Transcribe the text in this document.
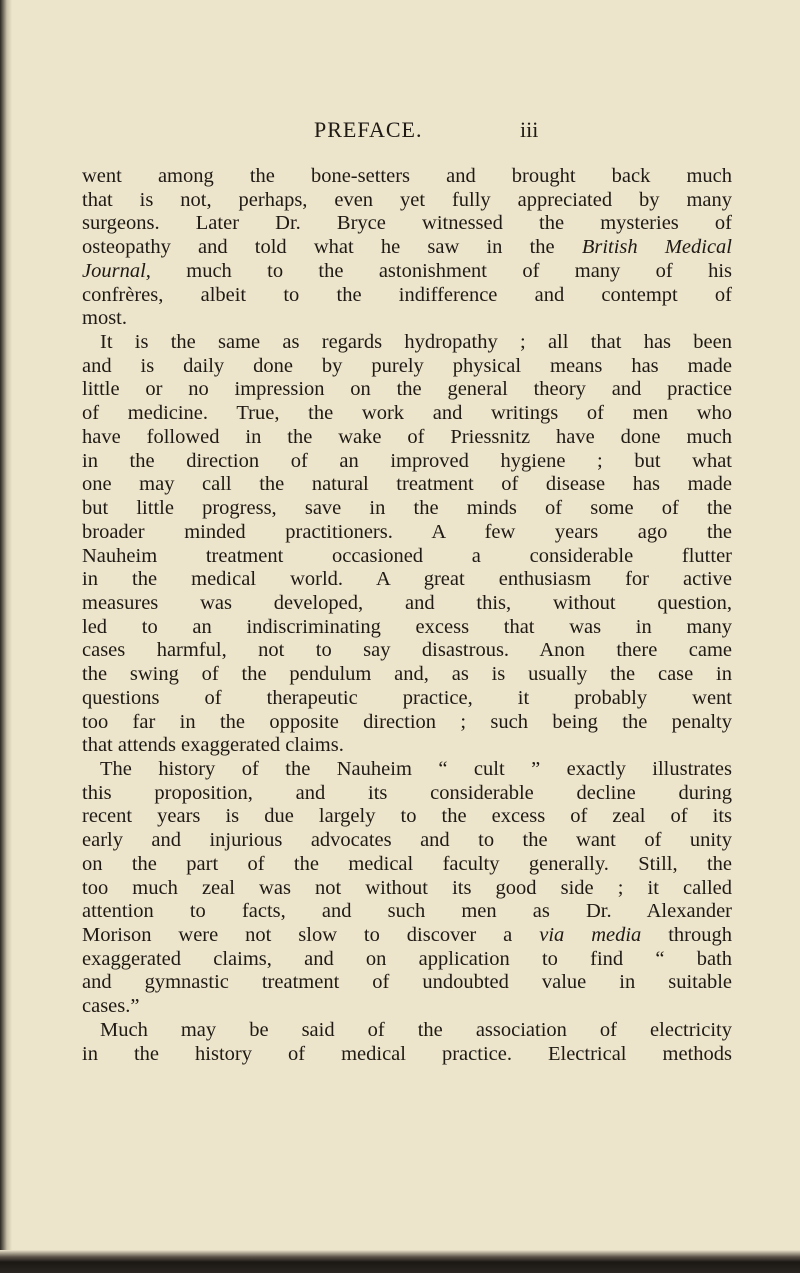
PREFACE.	iii
went among the bone-setters and brought back much
that is not, perhaps, even yet fully appreciated by many
surgeons. Later Dr. Bryce witnessed the mysteries of
osteopathy and told what he saw in the British Medical
Journal, much to the astonishment of many of his
confrères, albeit to the indifference and contempt of
most.
It is the same as regards hydropathy ; all that has been
and is daily done by purely physical means has made
little or no impression on the general theory and practice
of medicine. True, the work and writings of men who
have followed in the wake of Priessnitz have done much
in the direction of an improved hygiene ; but what
one may call the natural treatment of disease has made
but little progress, save in the minds of some of the
broader minded practitioners. A few years ago the
Nauheim treatment occasioned a considerable flutter
in the medical world. A great enthusiasm for active
measures was developed, and this, without question,
led to an indiscriminating excess that was in many
cases harmful, not to say disastrous. Anon there came
the swing of the pendulum and, as is usually the case in
questions of therapeutic practice, it probably went
too far in the opposite direction ; such being the penalty
that attends exaggerated claims.
The history of the Nauheim “ cult ” exactly illustrates
this proposition, and its considerable decline during
recent years is due largely to the excess of zeal of its
early and injurious advocates and to the want of unity
on the part of the medical faculty generally. Still, the
too much zeal was not without its good side ; it called
attention to facts, and such men as Dr. Alexander
Morison were not slow to discover a via media through
exaggerated claims, and on application to find “ bath
and gymnastic treatment of undoubted value in suitable
cases.”
Much may be said of the association of electricity
in the history of medical practice. Electrical methods
